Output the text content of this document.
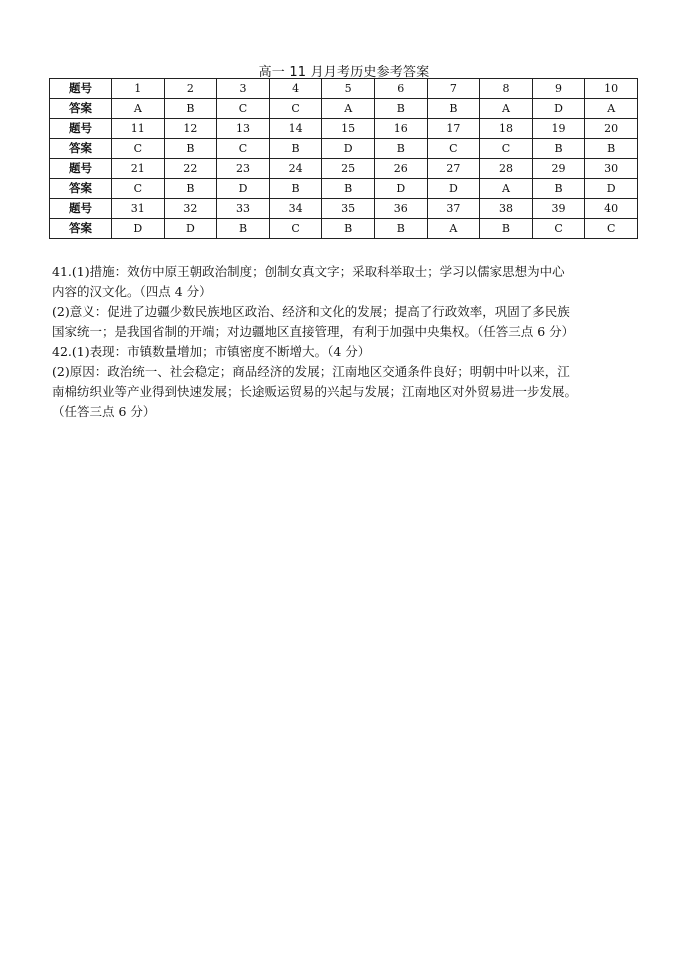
高一 11 月月考历史参考答案
题号	1	2	3	4	5	6	7	8	9	10
答案	A	B	C	C	A	B	B	A	D	A
题号	11	12	13	14	15	16	17	18	19	20
答案	C	B	C	B	D	B	C	C	B	B
题号	21	22	23	24	25	26	27	28	29	30
答案	C	B	D	B	B	D	D	A	B	D
题号	31	32	33	34	35	36	37	38	39	40
答案	D	D	B	C	B	B	A	B	C	C

41.(1)措施：效仿中原王朝政治制度；创制女真文字；采取科举取士；学习以儒家思想为中心

内容的汉文化。（四点 4 分）

(2)意义：促进了边疆少数民族地区政治、经济和文化的发展；提高了行政效率，巩固了多民族

国家统一；是我国省制的开端；对边疆地区直接管理，有利于加强中央集权。（任答三点 6 分）

42.(1)表现：市镇数量增加；市镇密度不断增大。（4 分）

(2)原因：政治统一、社会稳定；商品经济的发展；江南地区交通条件良好；明朝中叶以来，江

南棉纺织业等产业得到快速发展；长途贩运贸易的兴起与发展；江南地区对外贸易进一步发展。

（任答三点 6 分）
